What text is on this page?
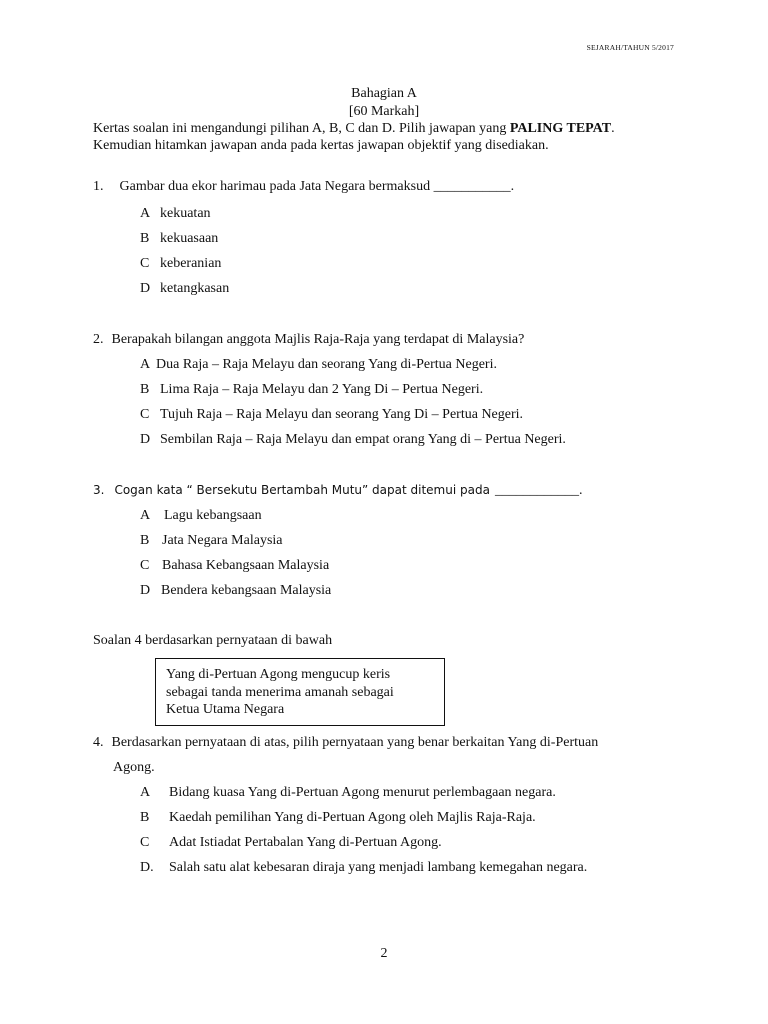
SEJARAH/TAHUN 5/2017
Bahagian A
[60 Markah]
Kertas soalan ini mengandungi pilihan A, B, C dan D. Pilih jawapan yang PALING TEPAT.
Kemudian hitamkan jawapan anda pada kertas jawapan objektif yang disediakan.
1. Gambar dua ekor harimau pada Jata Negara bermaksud ___________.
A kekuatan
B kekuasaan
C keberanian
D ketangkasan
2. Berapakah bilangan anggota Majlis Raja-Raja yang terdapat di Malaysia?
A Dua Raja – Raja Melayu dan seorang Yang di-Pertua Negeri.
B Lima Raja – Raja Melayu dan 2 Yang Di – Pertua Negeri.
C Tujuh Raja – Raja Melayu dan seorang Yang Di – Pertua Negeri.
D Sembilan Raja – Raja Melayu dan empat orang Yang di – Pertua Negeri.
3. Cogan kata “ Bersekutu Bertambah Mutu” dapat ditemui pada ____________.
A Lagu kebangsaan
B Jata Negara Malaysia
C Bahasa Kebangsaan Malaysia
D Bendera kebangsaan Malaysia
Soalan 4 berdasarkan pernyataan di bawah
Yang di-Pertuan Agong mengucup keris
sebagai tanda menerima amanah sebagai
Ketua Utama Negara
4. Berdasarkan pernyataan di atas, pilih pernyataan yang benar berkaitan Yang di-Pertuan
Agong.
A Bidang kuasa Yang di-Pertuan Agong menurut perlembagaan negara.
B Kaedah pemilihan Yang di-Pertuan Agong oleh Majlis Raja-Raja.
C Adat Istiadat Pertabalan Yang di-Pertuan Agong.
D. Salah satu alat kebesaran diraja yang menjadi lambang kemegahan negara.
2
